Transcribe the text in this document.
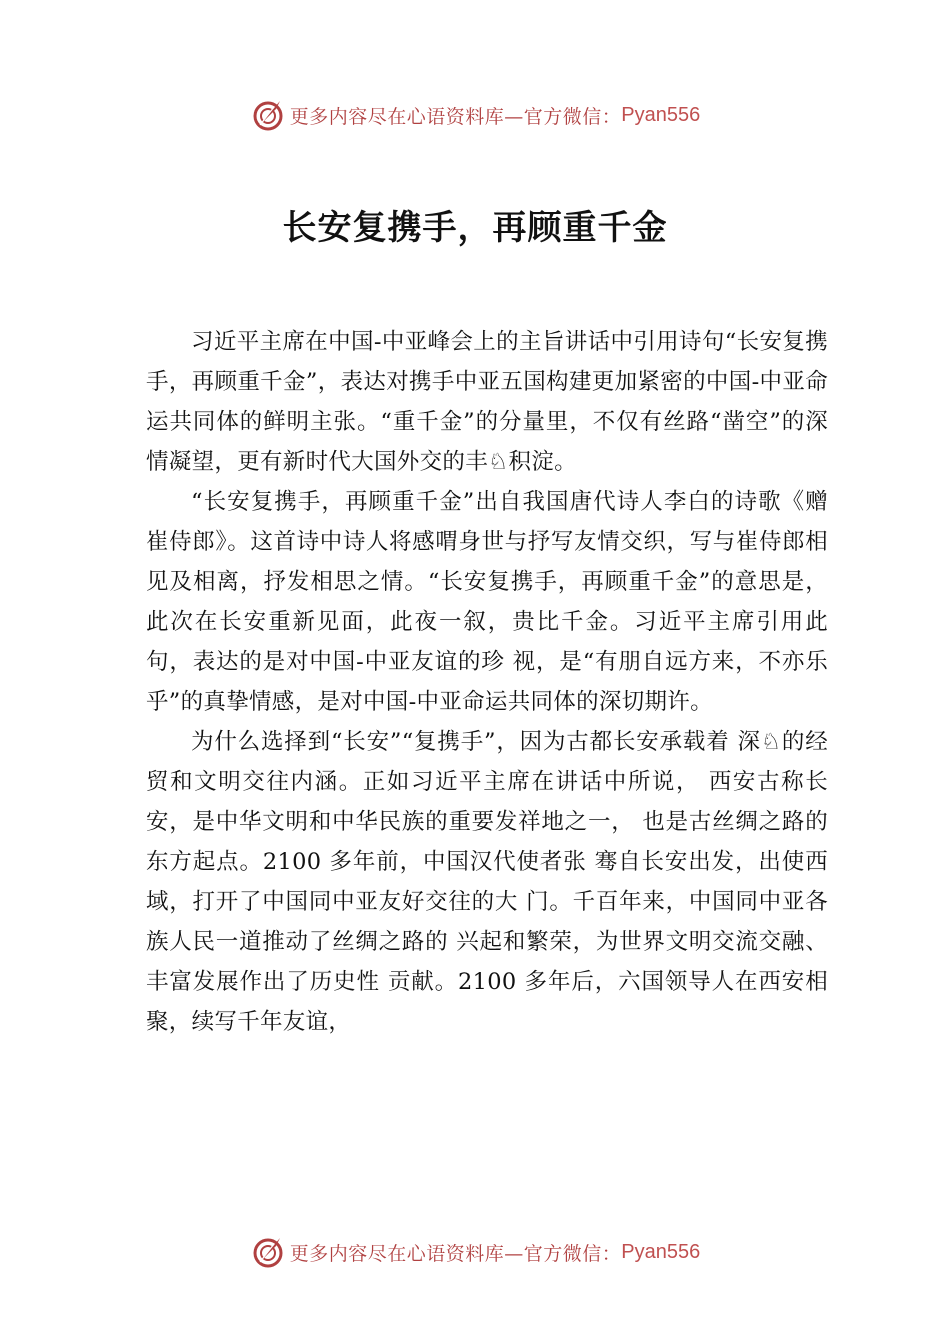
更多内容尽在心语资料库—官方微信： Pyan556
长安复携手，再顾重千金

习近平主席在中国-中亚峰会上的主旨讲话中引用诗句“长安复携手，再顾重千金”，表达对携手中亚五国构建更加紧密的中国-中亚命运共同体的鲜明主张。“重千金”的分量里，不仅有丝路“凿空”的深情凝望，更有新时代大国外交的丰♘积淀。

“长安复携手，再顾重千金”出自我国唐代诗人李白的诗歌《赠崔侍郎》。这首诗中诗人将感喟身世与抒写友情交织，写与崔侍郎相见及相离，抒发相思之情。“长安复携手，再顾重千金”的意思是，此次在长安重新见面，此夜一叙，贵比千金。习近平主席引用此句，表达的是对中国-中亚友谊的珍 视，是“有朋自远方来，不亦乐乎”的真挚情感，是对中国-中亚命运共同体的深切期许。

为什么选择到“长安”“复携手”，因为古都长安承载着 深♘的经贸和文明交往内涵。正如习近平主席在讲话中所说， 西安古称长安，是中华文明和中华民族的重要发祥地之一， 也是古丝绸之路的东方起点。2100 多年前，中国汉代使者张 骞自长安出发，出使西域，打开了中国同中亚友好交往的大 门。千百年来，中国同中亚各族人民一道推动了丝绸之路的 兴起和繁荣，为世界文明交流交融、丰富发展作出了历史性 贡献。2100 多年后，六国领导人在西安相聚，续写千年友谊，

更多内容尽在心语资料库—官方微信： Pyan556
